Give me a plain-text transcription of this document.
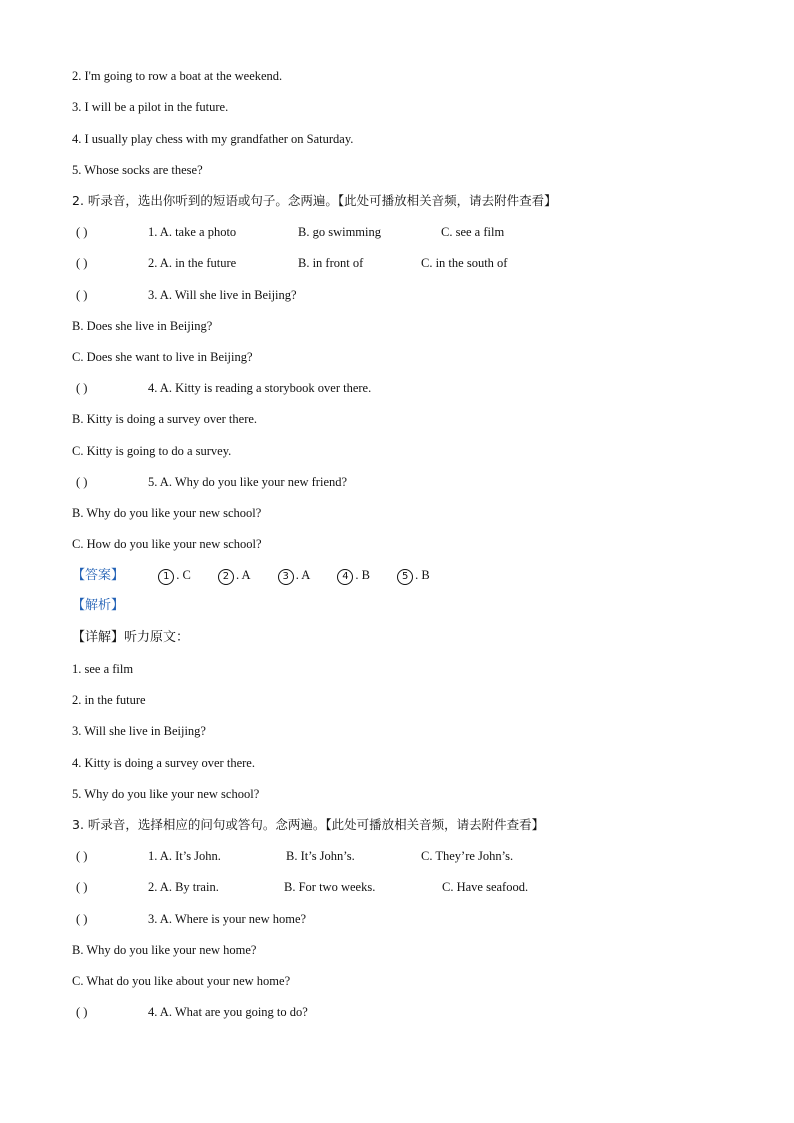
2. I'm going to row a boat at the weekend.
3. I will be a pilot in the future.
4. I usually play chess with my grandfather on Saturday.
5. Whose socks are these?
2. 听录音，选出你听到的短语或句子。念两遍。【此处可播放相关音频，请去附件查看】
( )	1. A. take a photo	B. go swimming	C. see a film
( )	2. A. in the future	B. in front of	C. in the south of
( )	3. A. Will she live in Beijing?
B. Does she live in Beijing?
C. Does she want to live in Beijing?
( )	4. A. Kitty is reading a storybook over there.
B. Kitty is doing a survey over there.
C. Kitty is going to do a survey.
( )	5. A. Why do you like your new friend?
B. Why do you like your new school?
C. How do you like your new school?
【答案】	1 . C	2 . A	3 . A	4 . B	5 . B
【解析】
【详解】听力原文：
1. see a film
2. in the future
3. Will she live in Beijing?
4. Kitty is doing a survey over there.
5. Why do you like your new school?
3. 听录音，选择相应的问句或答句。念两遍。【此处可播放相关音频，请去附件查看】
( )	1. A. It’s John.	B. It’s John’s.	C. They’re John’s.
( )	2. A. By train.	B. For two weeks.	C. Have seafood.
( )	3. A. Where is your new home?
B. Why do you like your new home?
C. What do you like about your new home?
( )	4. A. What are you going to do?
